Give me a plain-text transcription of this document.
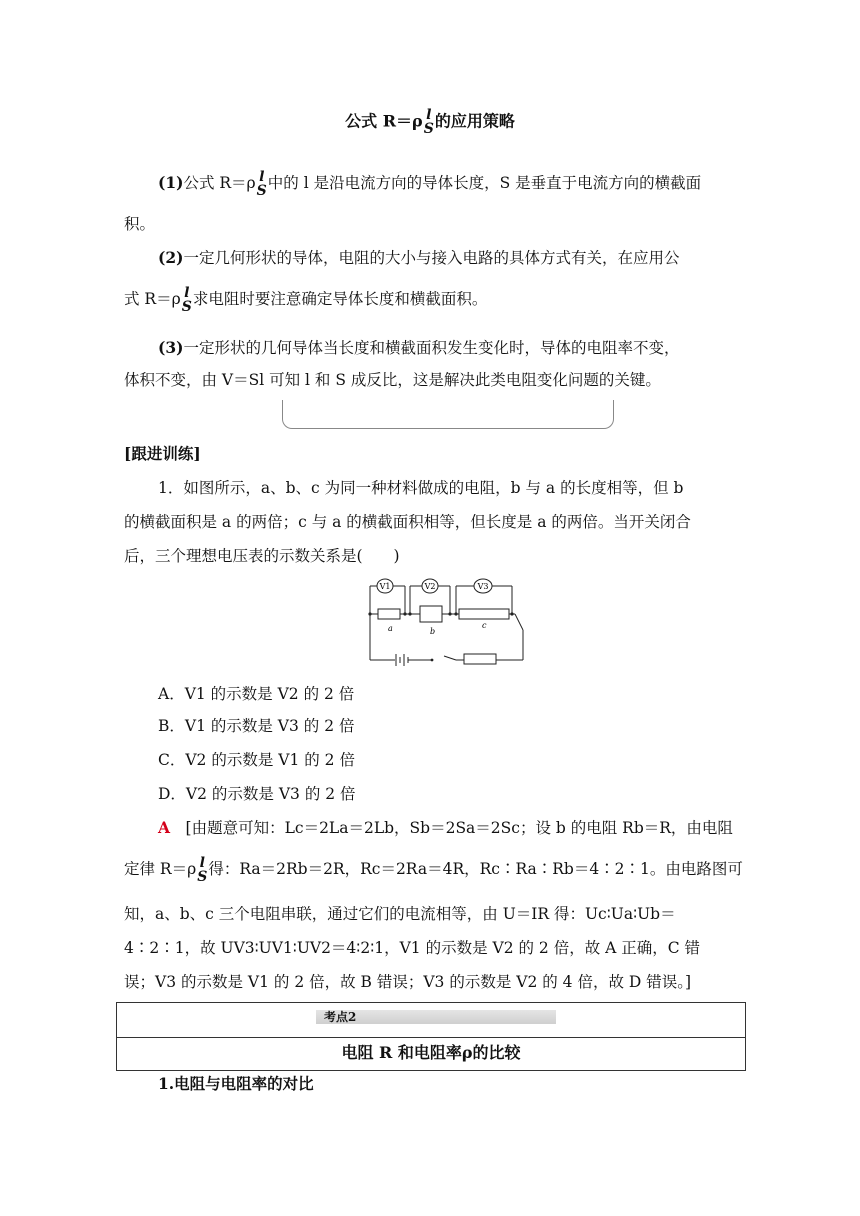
公式 R＝ρ l
S 的应用策略
(1)公式 R＝ρ l
S 中的 l 是沿电流方向的导体长度，S 是垂直于电流方向的横截面
积。
(2)一定几何形状的导体，电阻的大小与接入电路的具体方式有关，在应用公
式 R＝ρ l
S 求电阻时要注意确定导体长度和横截面积。
(3)一定形状的几何导体当长度和横截面积发生变化时，导体的电阻率不变，
体积不变，由 V＝Sl 可知 l 和 S 成反比，这是解决此类电阻变化问题的关键。
[跟进训练]
1．如图所示，a、b、c 为同一种材料做成的电阻，b 与 a 的长度相等，但 b
的横截面积是 a 的两倍；c 与 a 的横截面积相等，但长度是 a 的两倍。当开关闭合
后，三个理想电压表的示数关系是(　　)
V1	V2	V3
a	b
c
A．V1 的示数是 V2 的 2 倍
B．V1 的示数是 V3 的 2 倍
C．V2 的示数是 V1 的 2 倍
D．V2 的示数是 V3 的 2 倍
A　 [由题意可知：Lc＝2La＝2Lb，Sb＝2Sa＝2Sc；设 b 的电阻 Rb＝R，由电阻
定律 R＝ρ l
S 得：Ra＝2Rb＝2R，Rc＝2Ra＝4R，Rc∶Ra∶Rb＝4∶2∶1。由电路图可
知，a、b、c 三个电阻串联，通过它们的电流相等，由 U＝IR 得：Uc∶Ua∶Ub＝
4∶2∶1，故 UV3∶UV1∶UV2＝4∶2∶1，V1 的示数是 V2 的 2 倍，故 A 正确，C 错
误；V3 的示数是 V1 的 2 倍，故 B 错误；V3 的示数是 V2 的 4 倍，故 D 错误。]
考点2
电阻 R 和电阻率ρ的比较
1.电阻与电阻率的对比
